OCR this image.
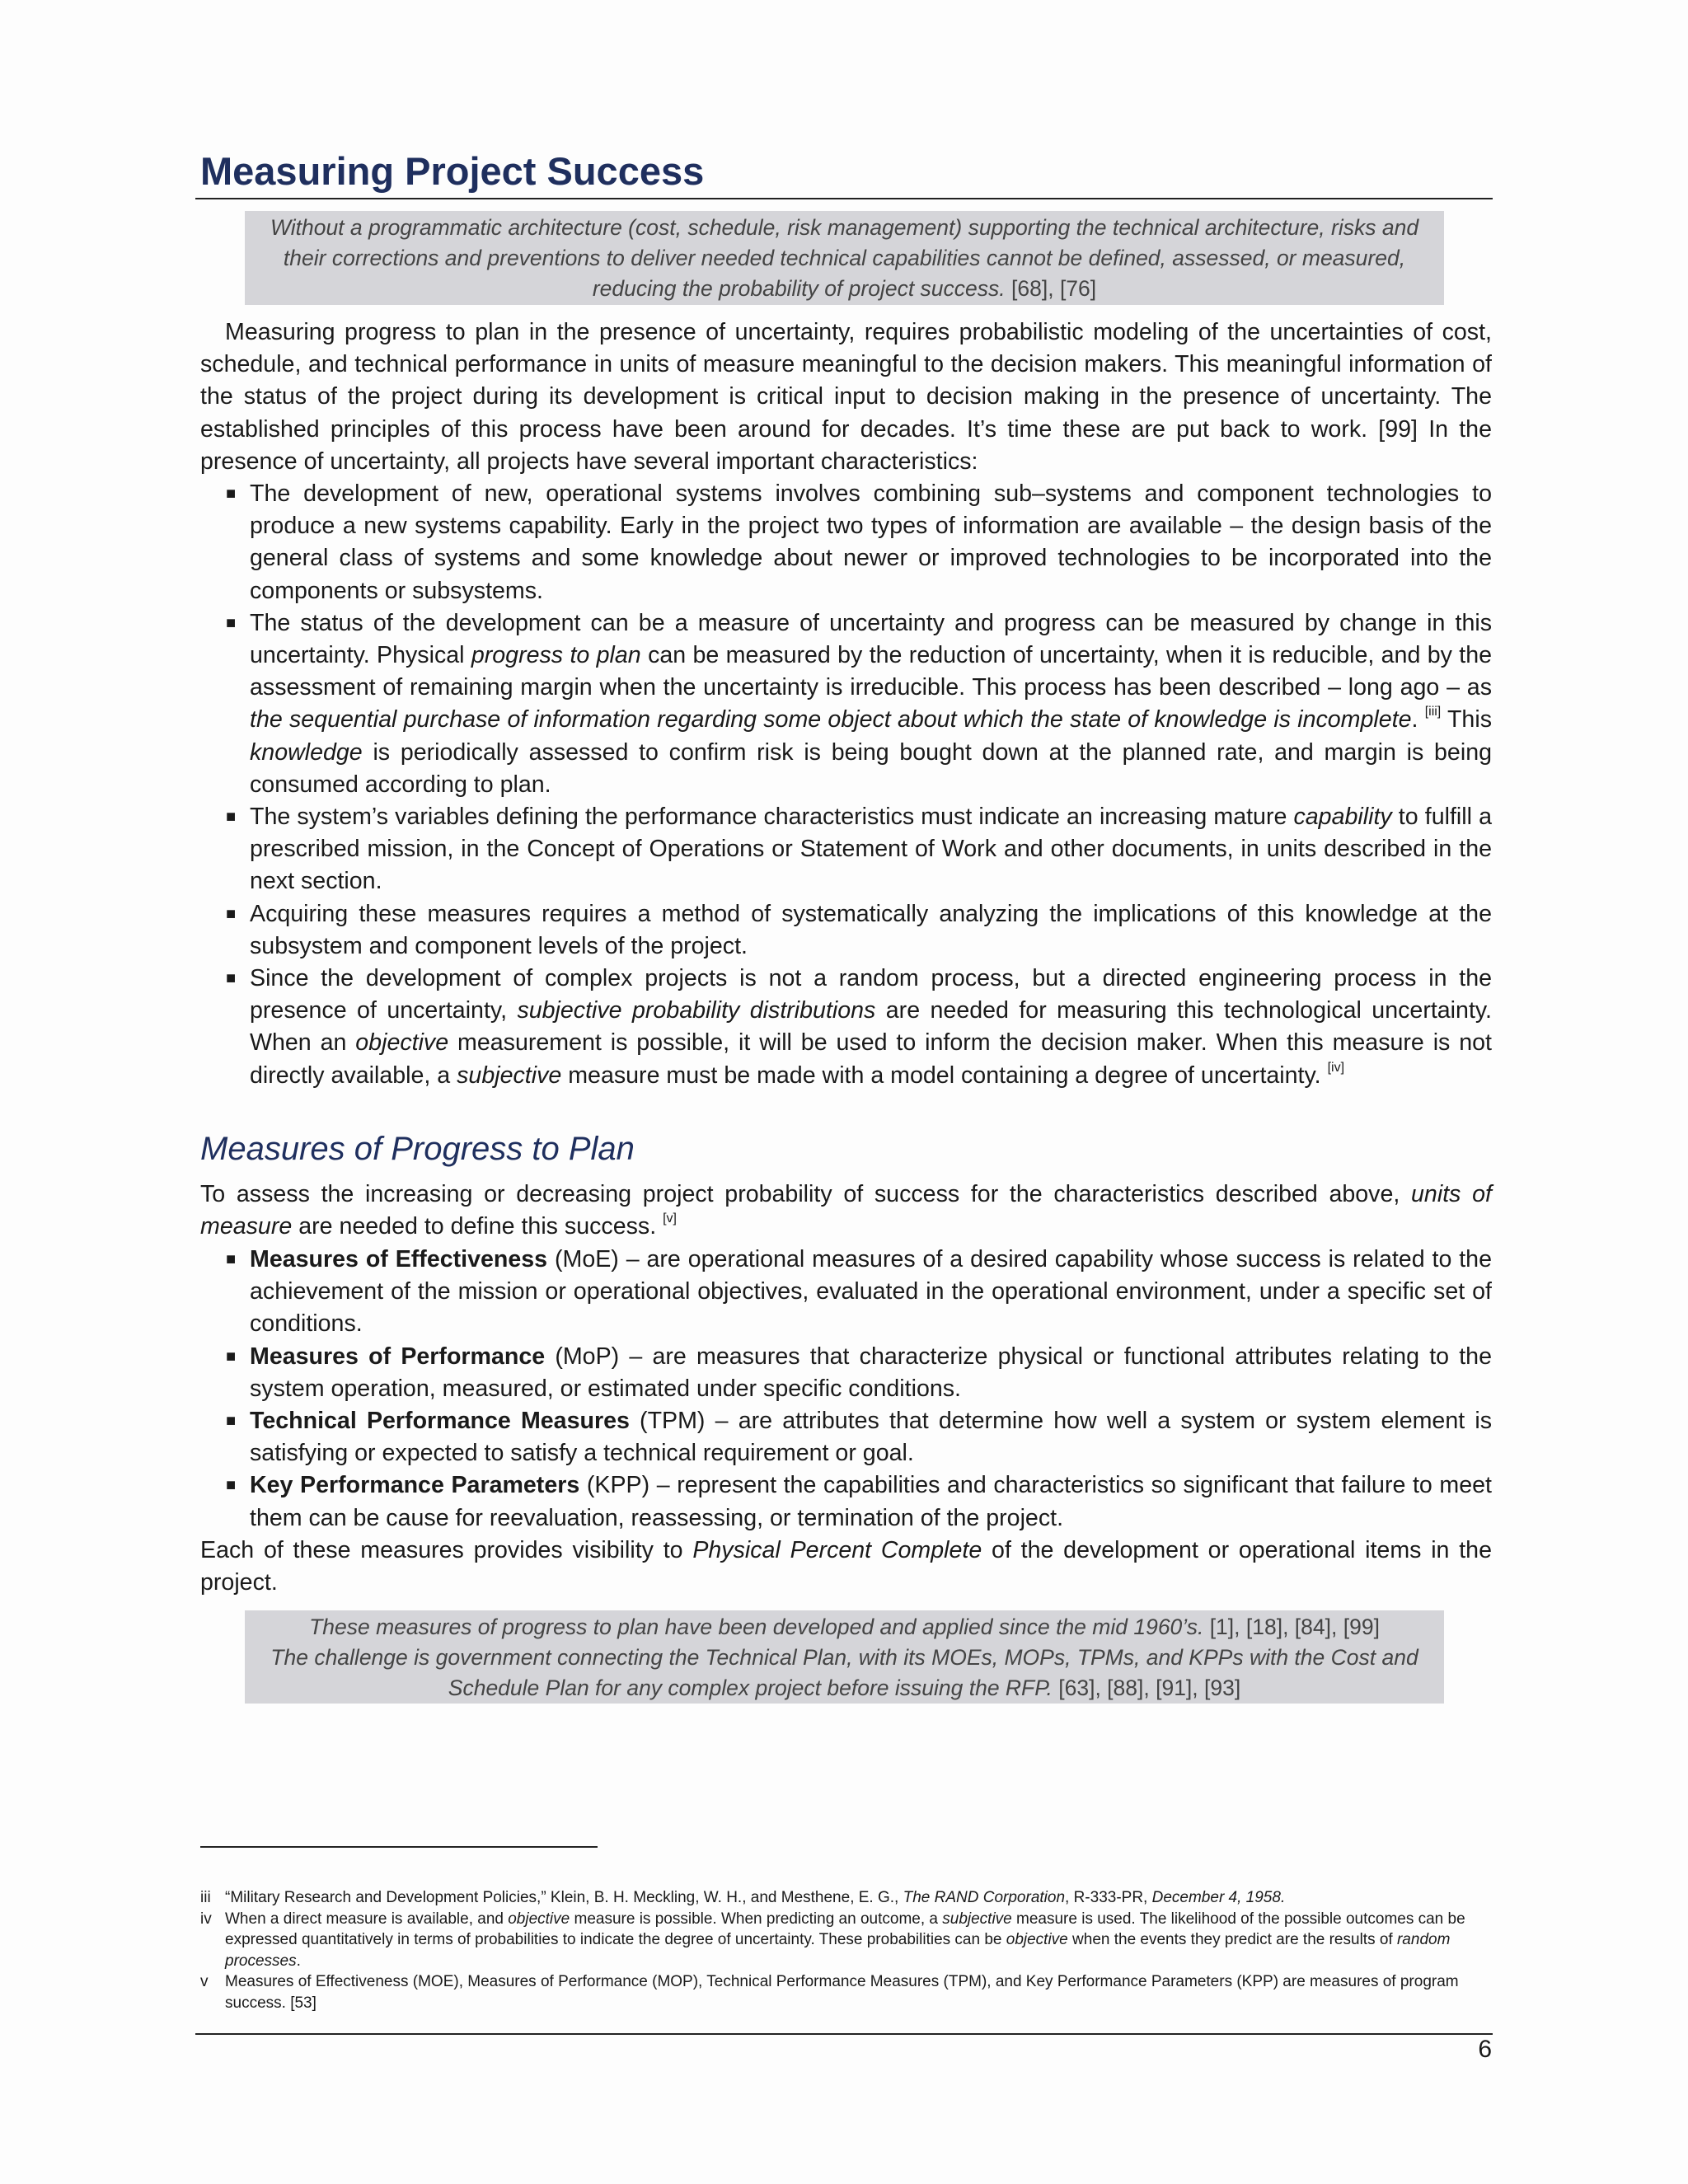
Measuring Project Success
Without a programmatic architecture (cost, schedule, risk management) supporting the technical architecture, risks and their corrections and preventions to deliver needed technical capabilities cannot be defined, assessed, or measured, reducing the probability of project success. [68], [76]

Measuring progress to plan in the presence of uncertainty, requires probabilistic modeling of the uncertainties of cost, schedule, and technical performance in units of measure meaningful to the decision makers. This meaningful information of the status of the project during its development is critical input to decision making in the presence of uncertainty. The established principles of this process have been around for decades. It’s time these are put back to work. [99] In the presence of uncertainty, all projects have several important characteristics:

■ The development of new, operational systems involves combining sub–systems and component technologies to produce a new systems capability. Early in the project two types of information are available – the design basis of the general class of systems and some knowledge about newer or improved technologies to be incorporated into the components or subsystems.
■ The status of the development can be a measure of uncertainty and progress can be measured by change in this uncertainty. Physical progress to plan can be measured by the reduction of uncertainty, when it is reducible, and by the assessment of remaining margin when the uncertainty is irreducible. This process has been described – long ago – as the sequential purchase of information regarding some object about which the state of knowledge is incomplete. [iii] This knowledge is periodically assessed to confirm risk is being bought down at the planned rate, and margin is being consumed according to plan.
■ The system’s variables defining the performance characteristics must indicate an increasing mature capability to fulfill a prescribed mission, in the Concept of Operations or Statement of Work and other documents, in units described in the next section.
■ Acquiring these measures requires a method of systematically analyzing the implications of this knowledge at the subsystem and component levels of the project.
■ Since the development of complex projects is not a random process, but a directed engineering process in the presence of uncertainty, subjective probability distributions are needed for measuring this technological uncertainty. When an objective measurement is possible, it will be used to inform the decision maker. When this measure is not directly available, a subjective measure must be made with a model containing a degree of uncertainty. [iv]
Measures of Progress to Plan

To assess the increasing or decreasing project probability of success for the characteristics described above, units of measure are needed to define this success. [v]

■ Measures of Effectiveness (MoE) – are operational measures of a desired capability whose success is related to the achievement of the mission or operational objectives, evaluated in the operational environment, under a specific set of conditions.
■ Measures of Performance (MoP) – are measures that characterize physical or functional attributes relating to the system operation, measured, or estimated under specific conditions.
■ Technical Performance Measures (TPM) – are attributes that determine how well a system or system element is satisfying or expected to satisfy a technical requirement or goal.
■ Key Performance Parameters (KPP) – represent the capabilities and characteristics so significant that failure to meet them can be cause for reevaluation, reassessing, or termination of the project.

Each of these measures provides visibility to Physical Percent Complete of the development or operational items in the project.

These measures of progress to plan have been developed and applied since the mid 1960’s. [1], [18], [84], [99]
The challenge is government connecting the Technical Plan, with its MOEs, MOPs, TPMs, and KPPs with the Cost and Schedule Plan for any complex project before issuing the RFP. [63], [88], [91], [93]
iii “Military Research and Development Policies,” Klein, B. H. Meckling, W. H., and Mesthene, E. G., The RAND Corporation, R-333-PR, December 4, 1958.
iv When a direct measure is available, and objective measure is possible. When predicting an outcome, a subjective measure is used. The likelihood of the possible outcomes can be expressed quantitatively in terms of probabilities to indicate the degree of uncertainty. These probabilities can be objective when the events they predict are the results of random processes.
v Measures of Effectiveness (MOE), Measures of Performance (MOP), Technical Performance Measures (TPM), and Key Performance Parameters (KPP) are measures of program success. [53]
6
